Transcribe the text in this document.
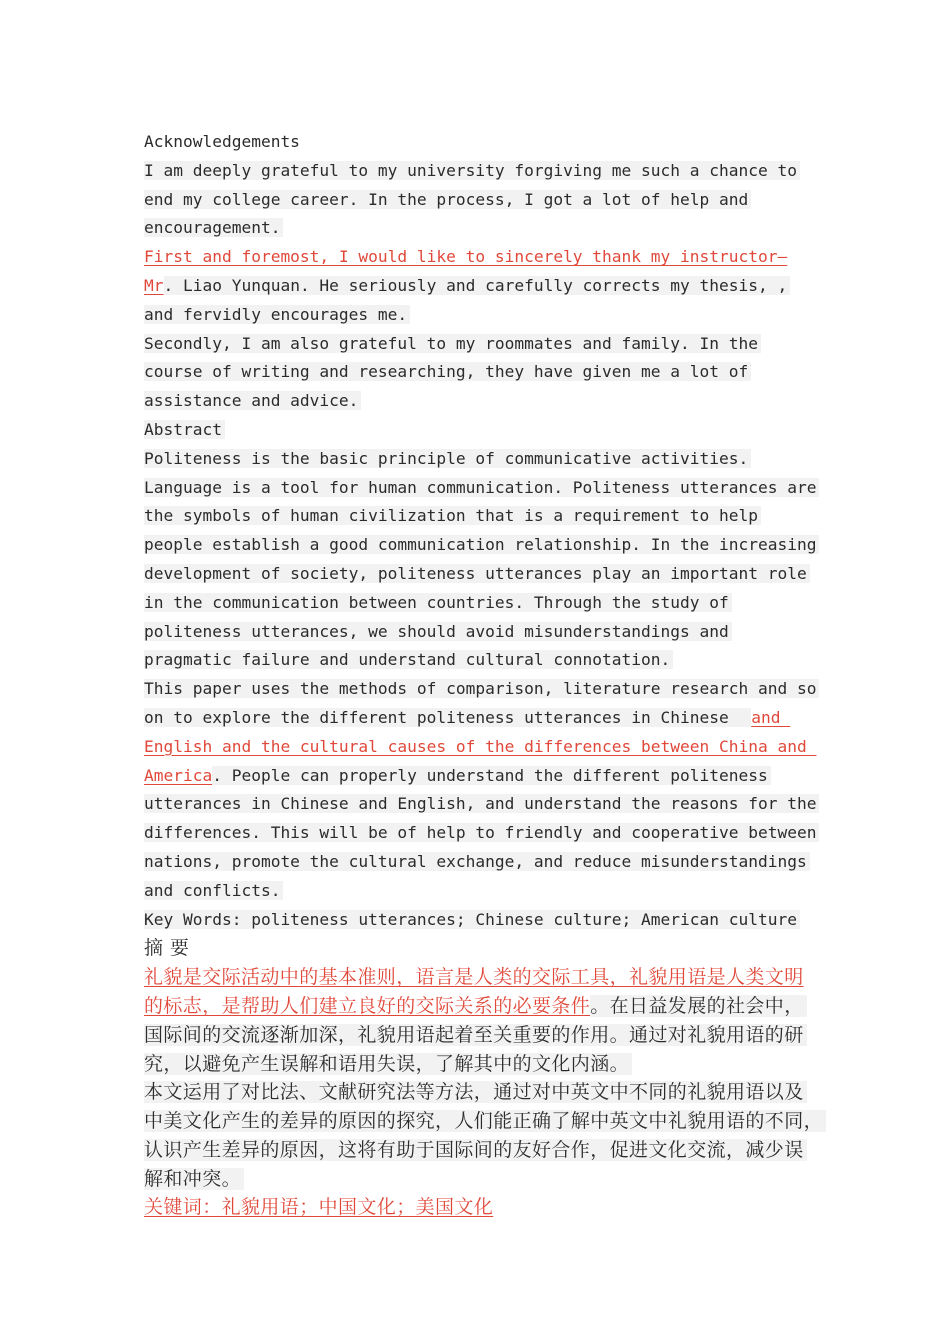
Acknowledgements
I am deeply grateful to my university forgiving me such a chance to
end my college career. In the process, I got a lot of help and
encouragement.
First and foremost, I would like to sincerely thank my instructor—
Mr. Liao Yunquan. He seriously and carefully corrects my thesis, ,
and fervidly encourages me.
Secondly, I am also grateful to my roommates and family. In the
course of writing and researching, they have given me a lot of
assistance and advice.
Abstract
Politeness is the basic principle of communicative activities.
Language is a tool for human communication. Politeness utterances are
the symbols of human civilization that is a requirement to help
people establish a good communication relationship. In the increasing
development of society, politeness utterances play an important role
in the communication between countries. Through the study of
politeness utterances, we should avoid misunderstandings and
pragmatic failure and understand cultural connotation.
This paper uses the methods of comparison, literature research and so
on to explore the different politeness utterances in Chinese  and
English and the cultural causes of the differences between China and
America. People can properly understand the different politeness
utterances in Chinese and English, and understand the reasons for the
differences. This will be of help to friendly and cooperative between
nations, promote the cultural exchange, and reduce misunderstandings
and conflicts.
Key Words: politeness utterances; Chinese culture; American culture
摘 要
礼貌是交际活动中的基本准则，语言是人类的交际工具，礼貌用语是人类文明
的标志，是帮助人们建立良好的交际关系的必要条件。在日益发展的社会中，
国际间的交流逐渐加深，礼貌用语起着至关重要的作用。通过对礼貌用语的研
究，以避免产生误解和语用失误，了解其中的文化内涵。
本文运用了对比法、文献研究法等方法，通过对中英文中不同的礼貌用语以及
中美文化产生的差异的原因的探究，人们能正确了解中英文中礼貌用语的不同，
认识产生差异的原因，这将有助于国际间的友好合作，促进文化交流，减少误
解和冲突。
关键词：礼貌用语；中国文化；美国文化
